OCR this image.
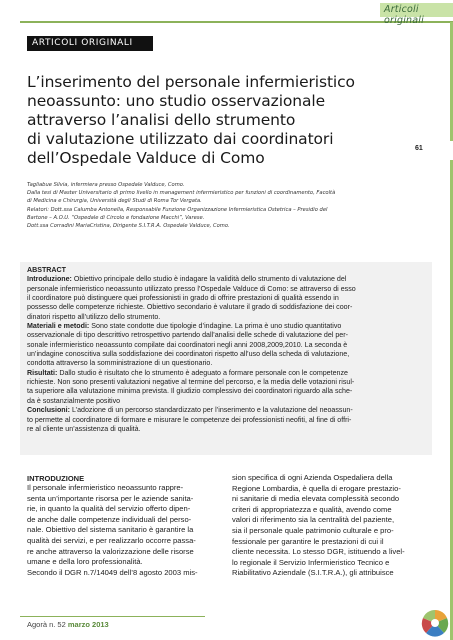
Articoli originali
ARTICOLI ORIGINALI
L’inserimento del personale infermieristico
neoassunto: uno studio osservazionale
attraverso l’analisi dello strumento
di valutazione utilizzato dai coordinatori
dell’Ospedale Valduce di Como
61
Tagliabue Silvia, infermiera presso Ospedale Valduce, Como.
Dalla tesi di Master Universitario di primo livello in management infermieristico per funzioni di coordinamento, Facoltà
di Medicina e Chirurgia, Università degli Studi di Roma Tor Vergata.
Relatori: Dott.ssa Calumba Antonella, Responsabile Funzione Organizzazione Infermieristica Ostetrica – Presidio del
Bartone – A.O.U. “Ospedale di Circolo e fondazione Macchi”, Varese.
Dott.ssa Corradini MariaCristina, Dirigente S.I.T.R.A. Ospedale Valduce, Como.
ABSTRACT
Introduzione: Obiettivo principale dello studio è indagare la validità dello strumento di valutazione del
personale infermieristico neoassunto utilizzato presso l’Ospedale Valduce di Como: se attraverso di esso
il coordinatore può distinguere quei professionisti in grado di offrire prestazioni di qualità essendo in
possesso delle competenze richieste. Obiettivo secondario è valutare il grado di soddisfazione dei coor-
dinatori rispetto all’utilizzo dello strumento.
Materiali e metodi: Sono state condotte due tipologie d’indagine. La prima è uno studio quantitativo
osservazionale di tipo descrittivo retrospettivo partendo dall’analisi delle schede di valutazione del per-
sonale infermieristico neoassunto compilate dai coordinatori negli anni 2008,2009,2010. La seconda è
un’indagine conoscitiva sulla soddisfazione dei coordinatori rispetto all’uso della scheda di valutazione,
condotta attraverso la somministrazione di un questionario.
Risultati: Dallo studio è risultato che lo strumento è adeguato a formare personale con le competenze
richieste. Non sono presenti valutazioni negative al termine del percorso, e la media delle votazioni risul-
ta superiore alla valutazione minima prevista. Il giudizio complessivo dei coordinatori riguardo alla sche-
da è sostanzialmente positivo
Conclusioni: L’adozione di un percorso standardizzato per l’inserimento e la valutazione del neoassun-
to permette al coordinatore di formare e misurare le competenze dei professionisti neofiti, al fine di offri-
re al cliente un’assistenza di qualità.
INTRODUZIONE
Il personale infermieristico neoassunto rappre-
senta un’importante risorsa per le aziende sanita-
rie, in quanto la qualità del servizio offerto dipen-
de anche dalle competenze individuali del perso-
nale. Obiettivo del sistema sanitario è garantire la
qualità dei servizi, e per realizzarlo occorre passa-
re anche attraverso la valorizzazione delle risorse
umane e della loro professionalità.
Secondo il DGR n.7/14049 dell’8 agosto 2003 mis-
sion specifica di ogni Azienda Ospedaliera della
Regione Lombardia, è quella di erogare prestazio-
ni sanitarie di media elevata complessità secondo
criteri di appropriatezza e qualità, avendo come
valori di riferimento sia la centralità del paziente,
sia il personale quale patrimonio culturale e pro-
fessionale per garantire le prestazioni di cui il
cliente necessita. Lo stesso DGR, istituendo a livel-
lo regionale il Servizio Infermieristico Tecnico e
Riabilitativo Aziendale (S.I.T.R.A.), gli attribuisce
Agorà n. 52 marzo 2013
